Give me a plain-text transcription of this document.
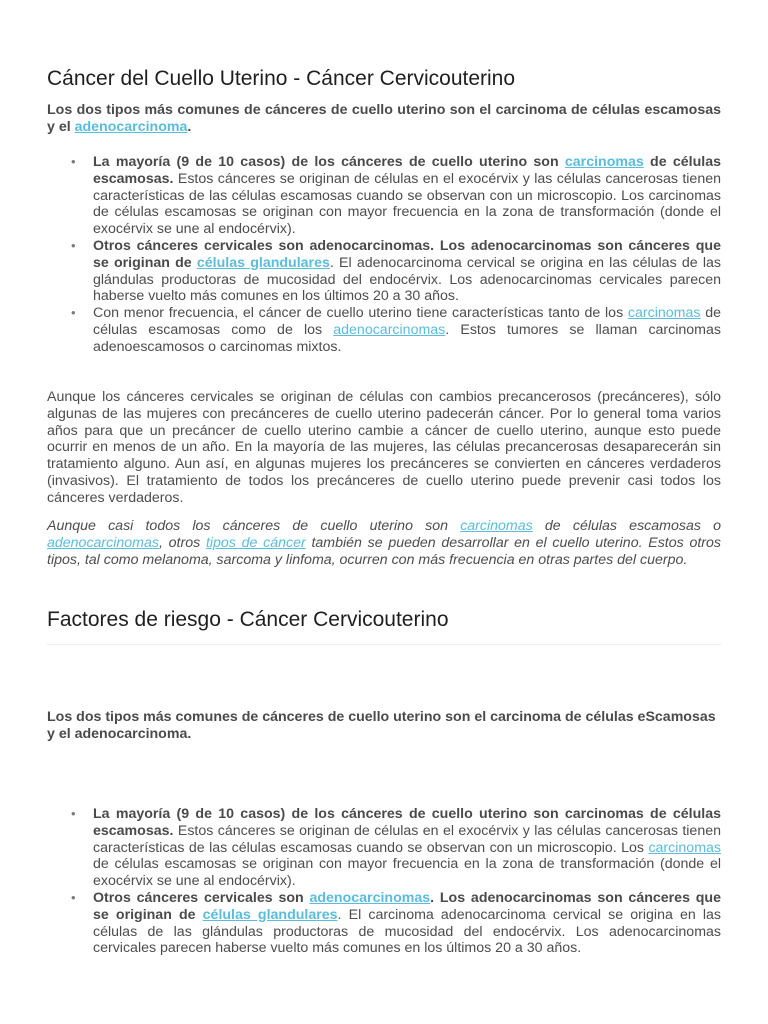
Cáncer del Cuello Uterino - Cáncer Cervicouterino

Los dos tipos más comunes de cánceres de cuello uterino son el carcinoma de células escamosas y el adenocarcinoma.

• La mayoría (9 de 10 casos) de los cánceres de cuello uterino son carcinomas de células escamosas. Estos cánceres se originan de células en el exocérvix y las células cancerosas tienen características de las células escamosas cuando se observan con un microscopio. Los carcinomas de células escamosas se originan con mayor frecuencia en la zona de transformación (donde el exocérvix se une al endocérvix).
• Otros cánceres cervicales son adenocarcinomas. Los adenocarcinomas son cánceres que se originan de células glandulares. El adenocarcinoma cervical se origina en las células de las glándulas productoras de mucosidad del endocérvix. Los adenocarcinomas cervicales parecen haberse vuelto más comunes en los últimos 20 a 30 años.
• Con menor frecuencia, el cáncer de cuello uterino tiene características tanto de los carcinomas de células escamosas como de los adenocarcinomas. Estos tumores se llaman carcinomas adenoescamosos o carcinomas mixtos.

Aunque los cánceres cervicales se originan de células con cambios precancerosos (precánceres), sólo algunas de las mujeres con precánceres de cuello uterino padecerán cáncer. Por lo general toma varios años para que un precáncer de cuello uterino cambie a cáncer de cuello uterino, aunque esto puede ocurrir en menos de un año. En la mayoría de las mujeres, las células precancerosas desaparecerán sin tratamiento alguno. Aun así, en algunas mujeres los precánceres se convierten en cánceres verdaderos (invasivos). El tratamiento de todos los precánceres de cuello uterino puede prevenir casi todos los cánceres verdaderos.

Aunque casi todos los cánceres de cuello uterino son carcinomas de células escamosas o adenocarcinomas, otros tipos de cáncer también se pueden desarrollar en el cuello uterino. Estos otros tipos, tal como melanoma, sarcoma y linfoma, ocurren con más frecuencia en otras partes del cuerpo.

Factores de riesgo - Cáncer Cervicouterino

Los dos tipos más comunes de cánceres de cuello uterino son el carcinoma de células eScamosas y el adenocarcinoma.

• La mayoría (9 de 10 casos) de los cánceres de cuello uterino son carcinomas de células escamosas. Estos cánceres se originan de células en el exocérvix y las células cancerosas tienen características de las células escamosas cuando se observan con un microscopio. Los carcinomas de células escamosas se originan con mayor frecuencia en la zona de transformación (donde el exocérvix se une al endocérvix).
• Otros cánceres cervicales son adenocarcinomas. Los adenocarcinomas son cánceres que se originan de células glandulares. El carcinoma adenocarcinoma cervical se origina en las células de las glándulas productoras de mucosidad del endocérvix. Los adenocarcinomas cervicales parecen haberse vuelto más comunes en los últimos 20 a 30 años.
